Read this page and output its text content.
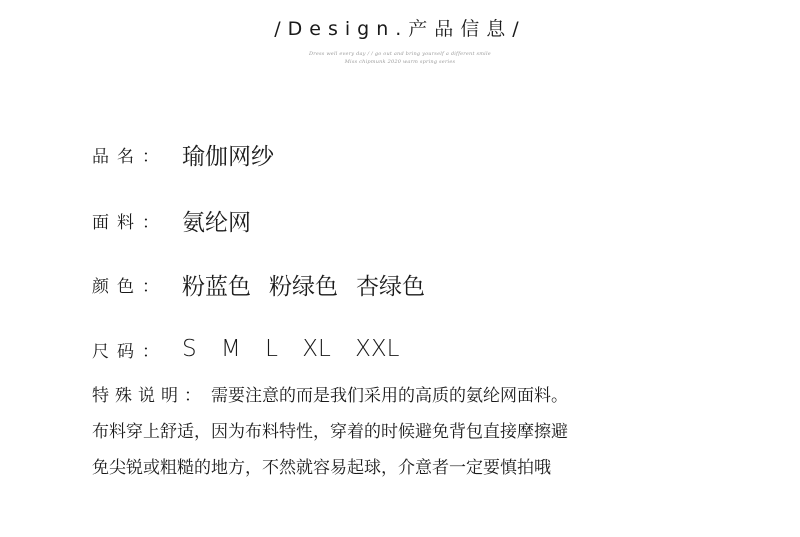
/Design.产品信息/
Dress well every day / / go out and bring yourself a different smile
Miss chipmunk 2020 warm spring series
品名： 瑜伽网纱
面料： 氨纶网
颜色： 粉蓝色 粉绿色 杏绿色
尺码： S M L XL XXL
特殊说明： 需要注意的而是我们采用的高质的氨纶网面料。
布料穿上舒适，因为布料特性，穿着的时候避免背包直接摩擦避
免尖锐或粗糙的地方，不然就容易起球，介意者一定要慎拍哦
